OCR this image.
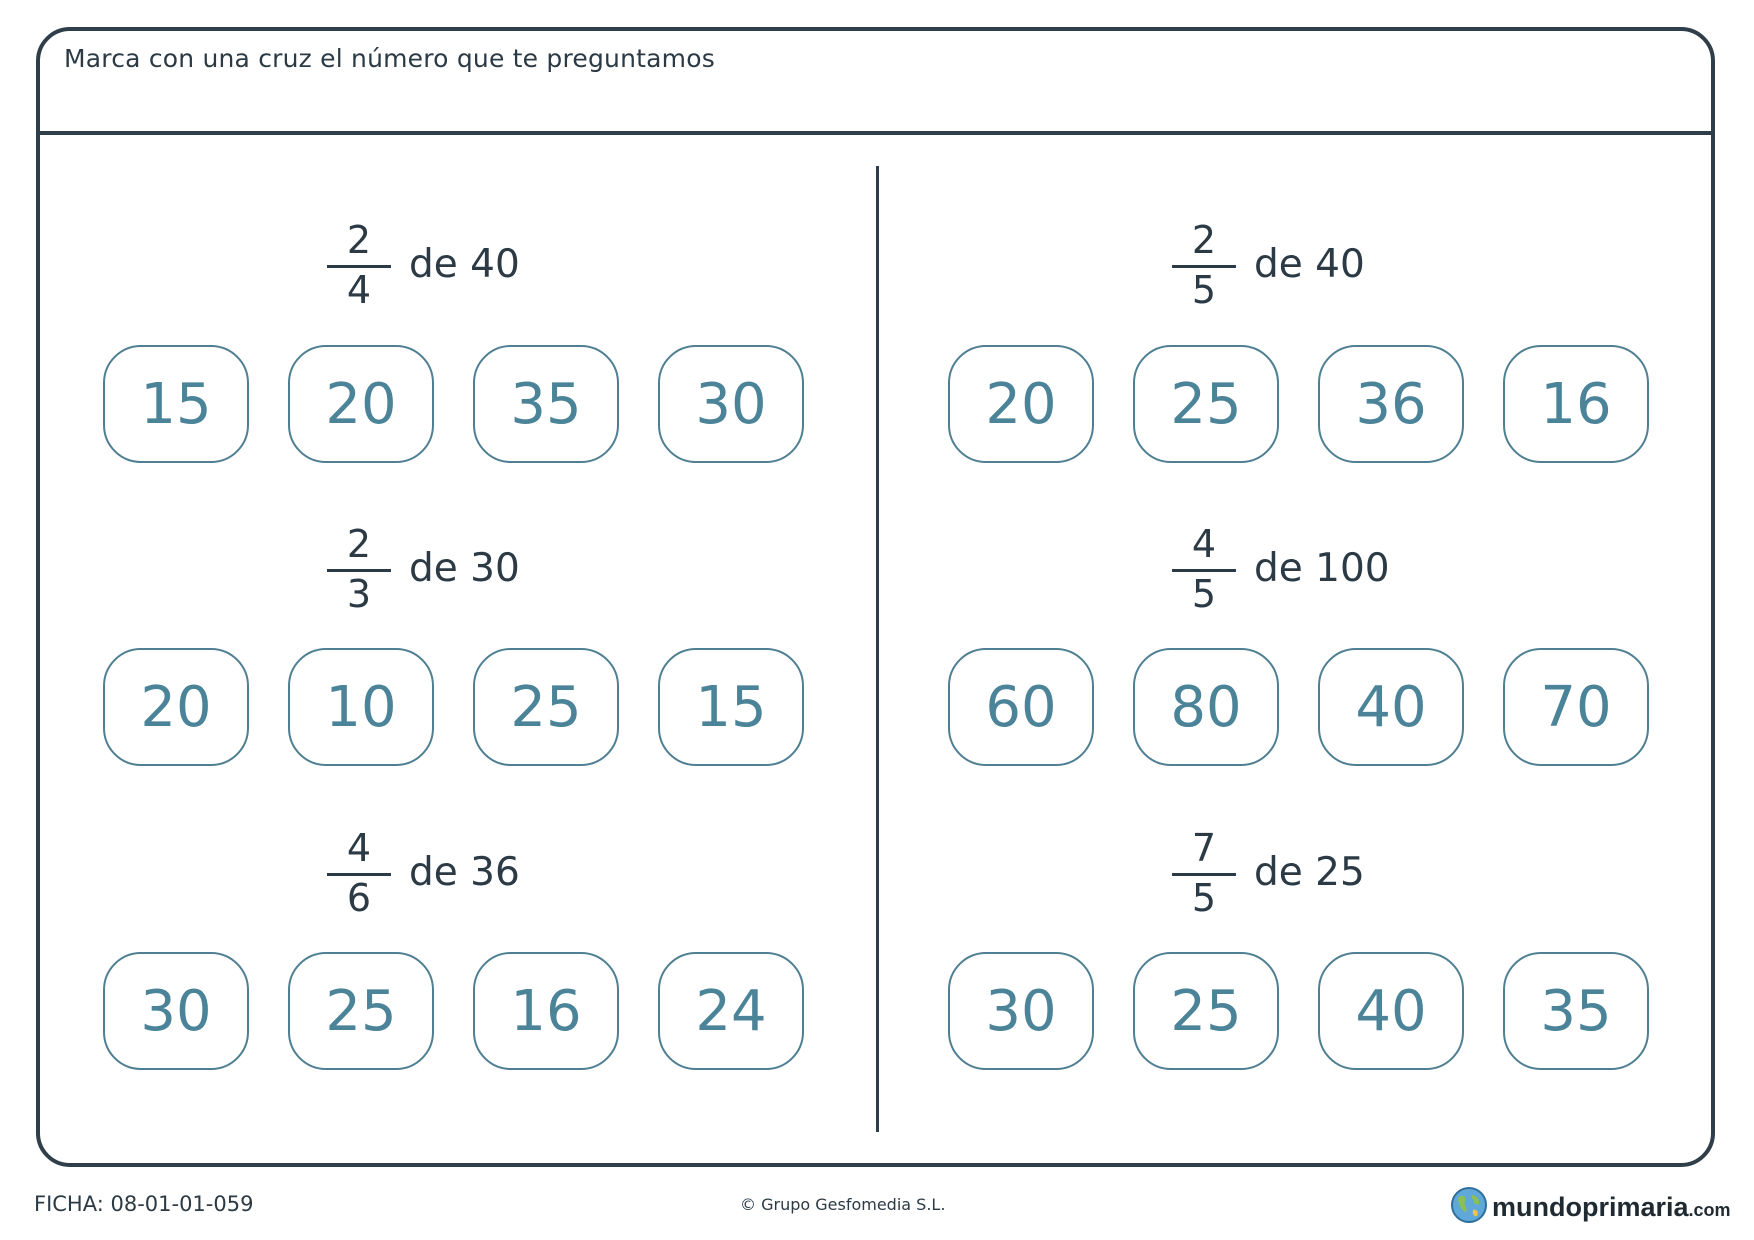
Marca con una cruz el número que te preguntamos
2
4
de 40
15	20	35	30
2
3
de 30
20	10	25	15
4
6
de 36
30	25	16	24
2
5
de 40
20	25	36	16
4
5
de 100
60	80	40	70
7
5
de 25
30	25	40	35
FICHA: 08-01-01-059	© Grupo Gesfomedia S.L.	mundoprimaria.com
